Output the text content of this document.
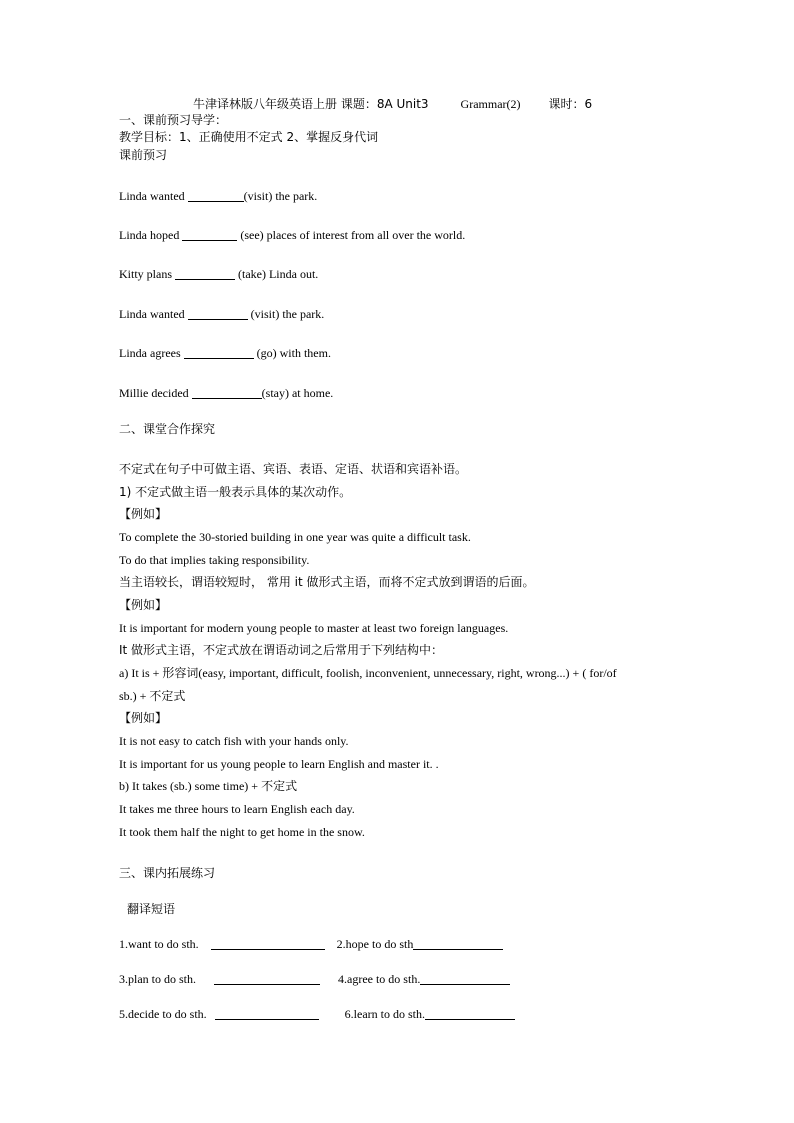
牛津译林版八年级英语上册 课题：8A Unit3	Grammar(2) 课时：6
一、课前预习导学：
教学目标：1、正确使用不定式 2、掌握反身代词
课前预习
Linda wanted	(visit) the park.
Linda hoped	(see) places of interest from all over the world.
Kitty plans	(take) Linda out.
Linda wanted	(visit) the park.
Linda agrees	(go) with them.
Millie decided	(stay) at home.
二、课堂合作探究
不定式在句子中可做主语、宾语、表语、定语、状语和宾语补语。
1) 不定式做主语一般表示具体的某次动作。
【例如】
To complete the 30-storied building in one year was quite a difficult task.
To do that implies taking responsibility.
当主语较长，谓语较短时， 常用 it 做形式主语，而将不定式放到谓语的后面。
【例如】
It is important for modern young people to master at least two foreign languages.
It 做形式主语，不定式放在谓语动词之后常用于下列结构中：
a) It is + 形容词(easy, important, difficult, foolish, inconvenient, unnecessary, right, wrong...) + ( for/of
sb.) + 不定式
【例如】
It is not easy to catch fish with your hands only.
It is important for us young people to learn English and master it. .
b) It takes (sb.) some time) + 不定式
It takes me three hours to learn English each day.
It took them half the night to get home in the snow.
三、课内拓展练习
翻译短语
1.want to do sth.	2.hope to do sth
3.plan to do sth.	4.agree to do sth.
5.decide to do sth.	6.learn to do sth.
